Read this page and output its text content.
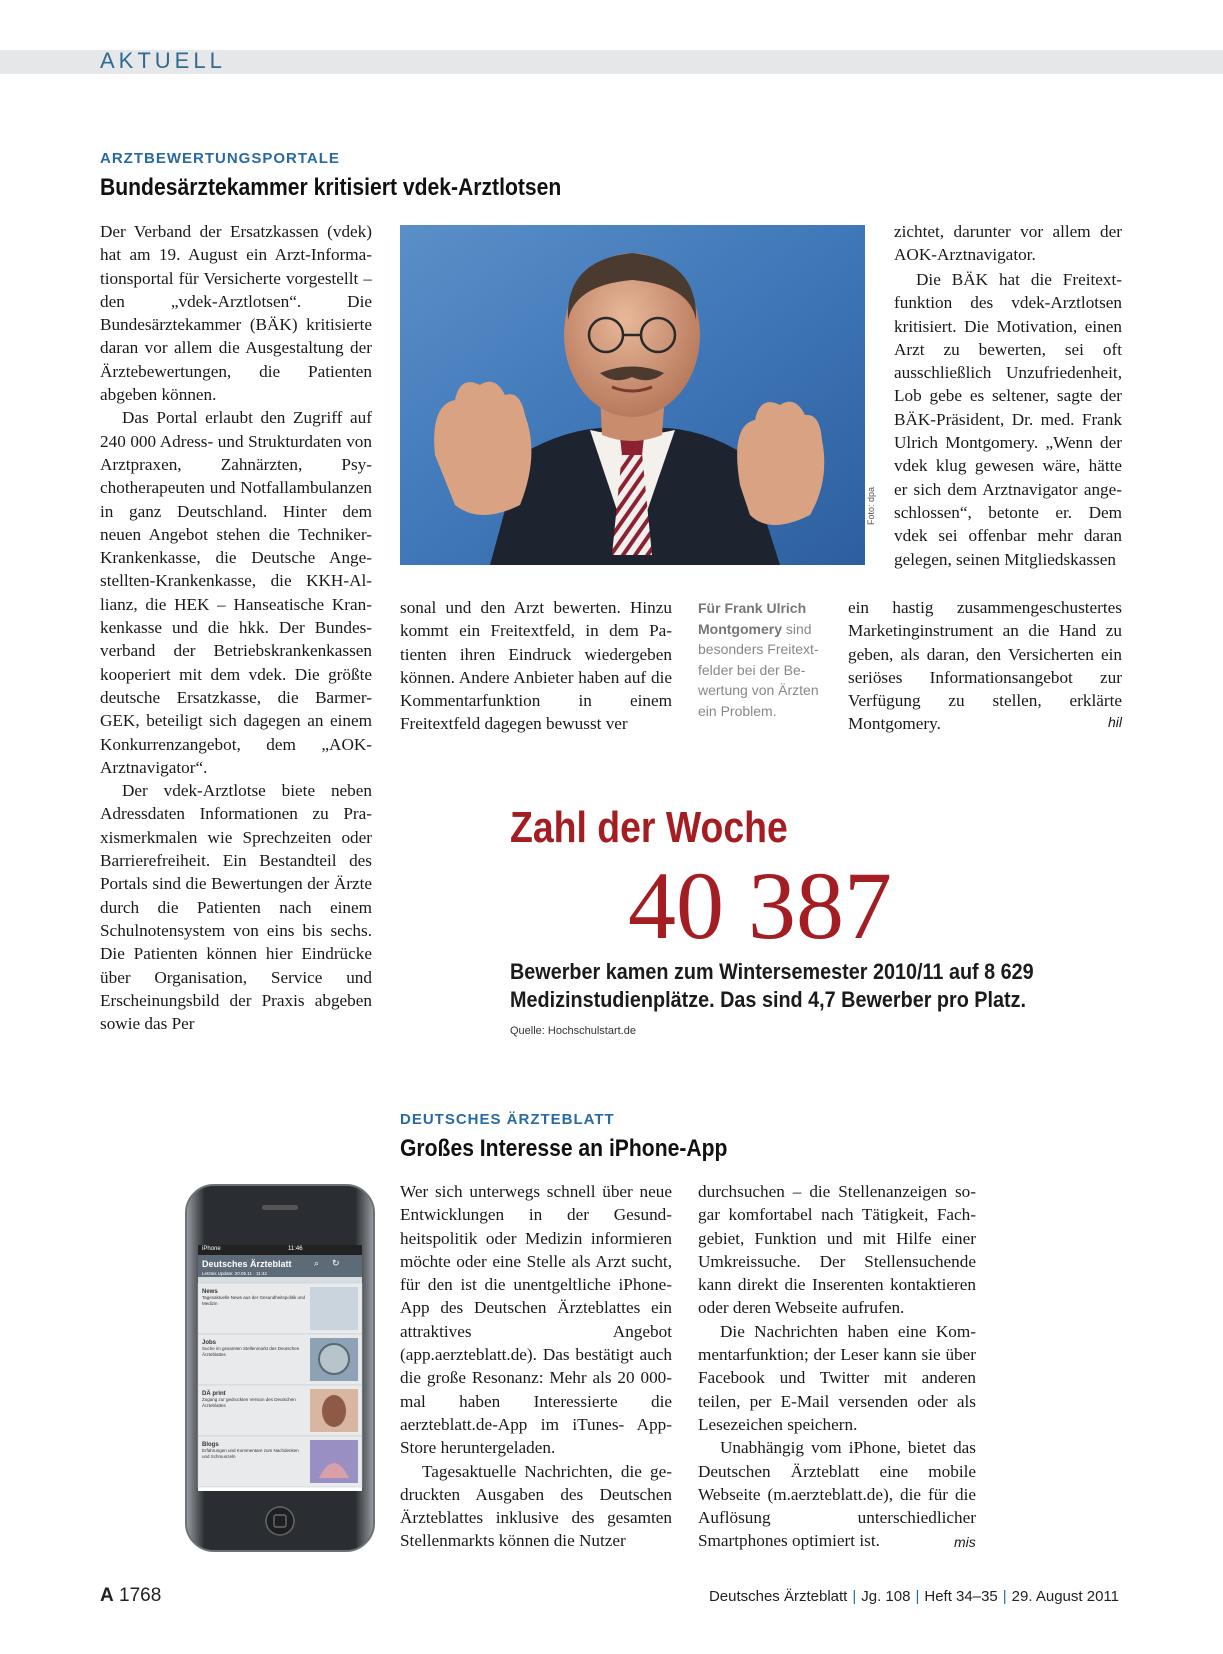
AKTUELL
ARZTBEWERTUNGSPORTALE
Bundesärztekammer kritisiert vdek-Arztlotsen

Der Verband der Ersatzkassen (vdek) hat am 19. August ein Arzt-Informationsportal für Versicherte vorgestellt – den „vdek-Arztlotsen“. Die Bundesärztekammer (BÄK) kritisierte daran vor allem die Ausgestaltung der Ärztebewertungen, die Patienten abgeben können.

Das Portal erlaubt den Zugriff auf 240 000 Adress- und Strukturdaten von Arztpraxen, Zahnärzten, Psychotherapeuten und Notfallambulanzen in ganz Deutschland. Hinter dem neuen Angebot stehen die Techniker-Krankenkasse, die Deutsche Angestellten-Krankenkasse, die KKH-Allianz, die HEK – Hanseatische Krankenkasse und die hkk. Der Bundesverband der Betriebskrankenkassen kooperiert mit dem vdek. Die größte deutsche Ersatzkasse, die Barmer-GEK, beteiligt sich dagegen an einem Konkurrenzangebot, dem „AOK-Arztnavigator“.

Der vdek-Arztlotse biete neben Adressdaten Informationen zu Praxismerkmalen wie Sprechzeiten oder Barrierefreiheit. Ein Bestandteil des Portals sind die Bewertungen der Ärzte durch die Patienten nach einem Schulnotensystem von eins bis sechs. Die Patienten können hier Eindrücke über Organisation, Service und Erscheinungsbild der Praxis abgeben sowie das Per

Foto: dpa

sonal und den Arzt bewerten. Hinzu kommt ein Freitextfeld, in dem Patienten ihren Eindruck wiedergeben können. Andere Anbieter haben auf die Kommentarfunktion in einem Freitextfeld dagegen bewusst ver

Für Frank Ulrich Montgomery sind besonders Freitextfelder bei der Bewertung von Ärzten ein Problem.

zichtet, darunter vor allem der AOK-Arztnavigator.

Die BÄK hat die Freitextfunktion des vdek-Arztlotsen kritisiert. Die Motivation, einen Arzt zu bewerten, sei oft ausschließlich Unzufriedenheit, Lob gebe es seltener, sagte der BÄK-Präsident, Dr. med. Frank Ulrich Montgomery. „Wenn der vdek klug gewesen wäre, hätte er sich dem Arztnavigator angeschlossen“, betonte er. Dem vdek sei offenbar mehr daran gelegen, seinen Mitgliedskassen

ein hastig zusammengeschustertes Marketinginstrument an die Hand zu geben, als daran, den Versicherten ein seriöses Informationsangebot zur Verfügung zu stellen, erklärte Montgomery.	hil
Zahl der Woche
40 387
Bewerber kamen zum Wintersemester 2010/11 auf 8 629
Medizinstudienplätze. Das sind 4,7 Bewerber pro Platz.
Quelle: Hochschulstart.de
DEUTSCHES ÄRZTEBLATT
Großes Interesse an iPhone-App
iPhone	11:46
Deutsches Ärzteblatt ⌕ ↻
Letztes Update: 20.05.11 · 11:42
News
Tagesaktuelle News aus der Gesundheitspolitik und Medizin
Jobs
Suche im gesamten Stellenmarkt des Deutschen Ärzteblattes
DÄ print
Zugang zur gedruckten Version des Deutschen Ärzteblattes
Blogs
Erfahrungen und Kommentare zum Nachdenken und Schmunzeln

Wer sich unterwegs schnell über neue Entwicklungen in der Gesundheitspolitik oder Medizin informieren möchte oder eine Stelle als Arzt sucht, für den ist die unentgeltliche iPhone-App des Deutschen Ärzteblattes ein attraktives Angebot (app.aerzteblatt.de). Das bestätigt auch die große Resonanz: Mehr als 20 000-mal haben Interessierte die aerzteblatt.de-App im iTunes- App-Store heruntergeladen.

Tagesaktuelle Nachrichten, die gedruckten Ausgaben des Deutschen Ärzteblattes inklusive des gesamten Stellenmarkts können die Nutzer

durchsuchen – die Stellenanzeigen sogar komfortabel nach Tätigkeit, Fachgebiet, Funktion und mit Hilfe einer Umkreissuche. Der Stellensuchende kann direkt die Inserenten kontaktieren oder deren Webseite aufrufen.

Die Nachrichten haben eine Kommentarfunktion; der Leser kann sie über Facebook und Twitter mit anderen teilen, per E-Mail versenden oder als Lesezeichen speichern.

Unabhängig vom iPhone, bietet das Deutschen Ärzteblatt eine mobile Webseite (m.aerzteblatt.de), die für die Auflösung unterschiedlicher Smartphones optimiert ist.	mis
A 1768	Deutsches Ärzteblatt | Jg. 108 | Heft 34–35 | 29. August 2011
